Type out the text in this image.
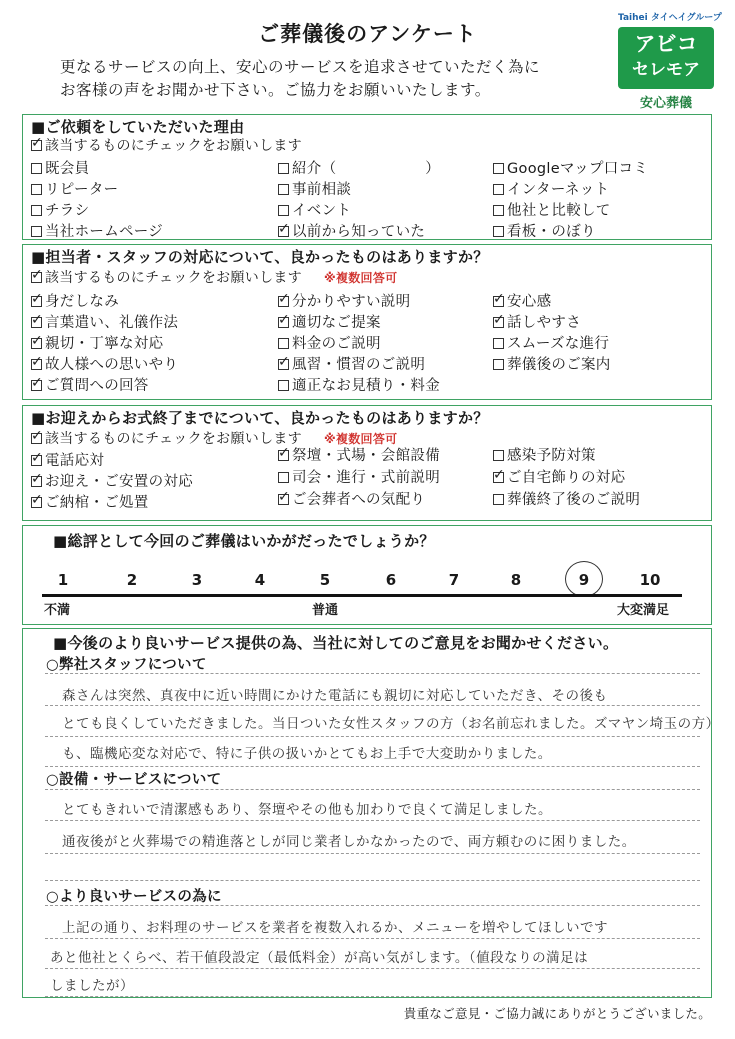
ご葬儀後のアンケート
更なるサービスの向上、安心のサービスを追求させていただく為に
お客様の声をお聞かせ下さい。ご協力をお願いいたします。
Taihei タイヘイグループ
アビコ
セレモア
安心葬儀
■ご依頼をしていただいた理由
✓該当するものにチェックをお願いします
既会員	紹介（　　　　　　）	Googleマップ口コミ
リピーター	事前相談	インターネット
チラシ	イベント	他社と比較して
当社ホームページ ✓	以前から知っていた	看板・のぼり
■担当者・スタッフの対応について、良かったものはありますか？
✓該当するものにチェックをお願いします ※複数回答可
✓身だしなみ ✓	分かりやすい説明 ✓	安心感
✓言葉遣い、礼儀作法 ✓	適切なご提案 ✓	話しやすさ
✓親切・丁寧な対応	料金のご説明	スムーズな進行
✓故人様への思いやり ✓	風習・慣習のご説明	葬儀後のご案内
✓ご質問への回答	適正なお見積り・料金
■お迎えからお式終了までについて、良かったものはありますか？
✓該当するものにチェックをお願いします ※複数回答可
✓電話応対 ✓	祭壇・式場・会館設備	感染予防対策
✓お迎え・ご安置の対応	司会・進行・式前説明 ✓	ご自宅飾りの対応
✓ご納棺・ご処置 ✓	ご会葬者への気配り	葬儀終了後のご説明
■総評として今回のご葬儀はいかがだったでしょうか？
1	2	3	4	5	6	7	8	9	10
不満	普通	大変満足
■今後のより良いサービス提供の為、当社に対してのご意見をお聞かせください。
○弊社スタッフについて
森さんは突然、真夜中に近い時間にかけた電話にも親切に対応していただき、その後も
とても良くしていただきました。当日ついた女性スタッフの方（お名前忘れました。ズマヤン埼玉の方）
も、臨機応変な対応で、特に子供の扱いかとてもお上手で大変助かりました。
○設備・サービスについて
とてもきれいで清潔感もあり、祭壇やその他も加わりで良くて満足しました。
通夜後がと火葬場での精進落としが同じ業者しかなかったので、両方頼むのに困りました。
○より良いサービスの為に
上記の通り、お料理のサービスを業者を複数入れるか、メニューを増やしてほしいです
あと他社とくらべ、若干値段設定（最低料金）が高い気がします。（値段なりの満足は
しましたが）
貴重なご意見・ご協力誠にありがとうございました。
